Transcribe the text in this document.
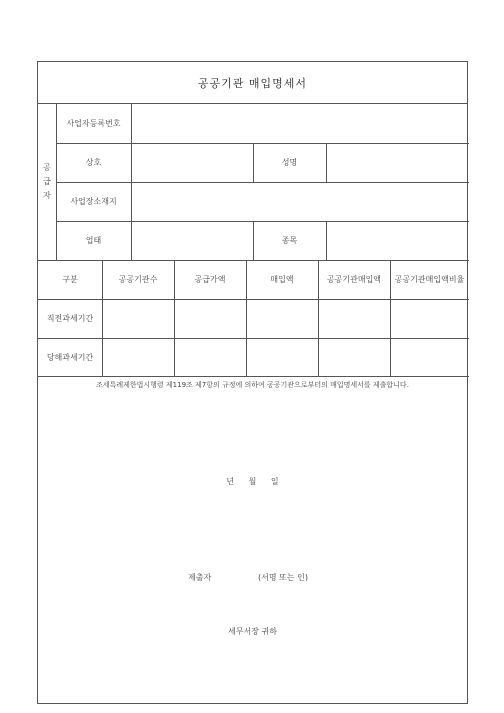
공공기관 매입명세서
공
급
자
사업자등록번호
상호	성명
사업장소재지
업태	종목
구분	공공기관수	공급가액	매입액	공공기관매입액	공공기관매입액비율
직전과세기간
당해과세기간
조세특례제한법시행령 제119조 제7항의 규정에 의하여 공공기관으로부터의 매입명세서를 제출합니다.
년 월 일
제출자	(서명 또는 인)
세무서장 귀하
